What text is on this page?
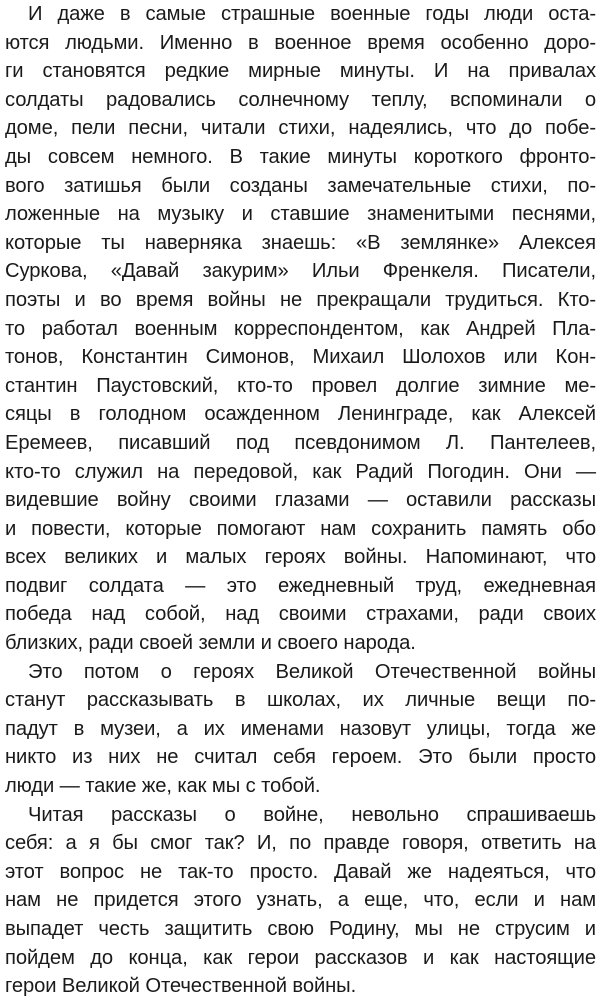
И даже в самые страшные военные годы люди оста-
ются людьми. Именно в военное время особенно доро-
ги становятся редкие мирные минуты. И на привалах
солдаты радовались солнечному теплу, вспоминали о
доме, пели песни, читали стихи, надеялись, что до побе-
ды совсем немного. В такие минуты короткого фронто-
вого затишья были созданы замечательные стихи, по-
ложенные на музыку и ставшие знаменитыми песнями,
которые ты наверняка знаешь: «В землянке» Алексея
Суркова, «Давай закурим» Ильи Френкеля. Писатели,
поэты и во время войны не прекращали трудиться. Кто-
то работал военным корреспондентом, как Андрей Пла-
тонов, Константин Симонов, Михаил Шолохов или Кон-
стантин Паустовский, кто-то провел долгие зимние ме-
сяцы в голодном осажденном Ленинграде, как Алексей
Еремеев, писавший под псевдонимом Л. Пантелеев,
кто-то служил на передовой, как Радий Погодин. Они —
видевшие войну своими глазами — оставили рассказы
и повести, которые помогают нам сохранить память обо
всех великих и малых героях войны. Напоминают, что
подвиг солдата — это ежедневный труд, ежедневная
победа над собой, над своими страхами, ради своих
близких, ради своей земли и своего народа.

Это потом о героях Великой Отечественной войны
станут рассказывать в школах, их личные вещи по-
падут в музеи, а их именами назовут улицы, тогда же
никто из них не считал себя героем. Это были просто
люди — такие же, как мы с тобой.

Читая рассказы о войне, невольно спрашиваешь
себя: а я бы смог так? И, по правде говоря, ответить на
этот вопрос не так-то просто. Давай же надеяться, что
нам не придется этого узнать, а еще, что, если и нам
выпадет честь защитить свою Родину, мы не струсим и
пойдем до конца, как герои рассказов и как настоящие
герои Великой Отечественной войны.
